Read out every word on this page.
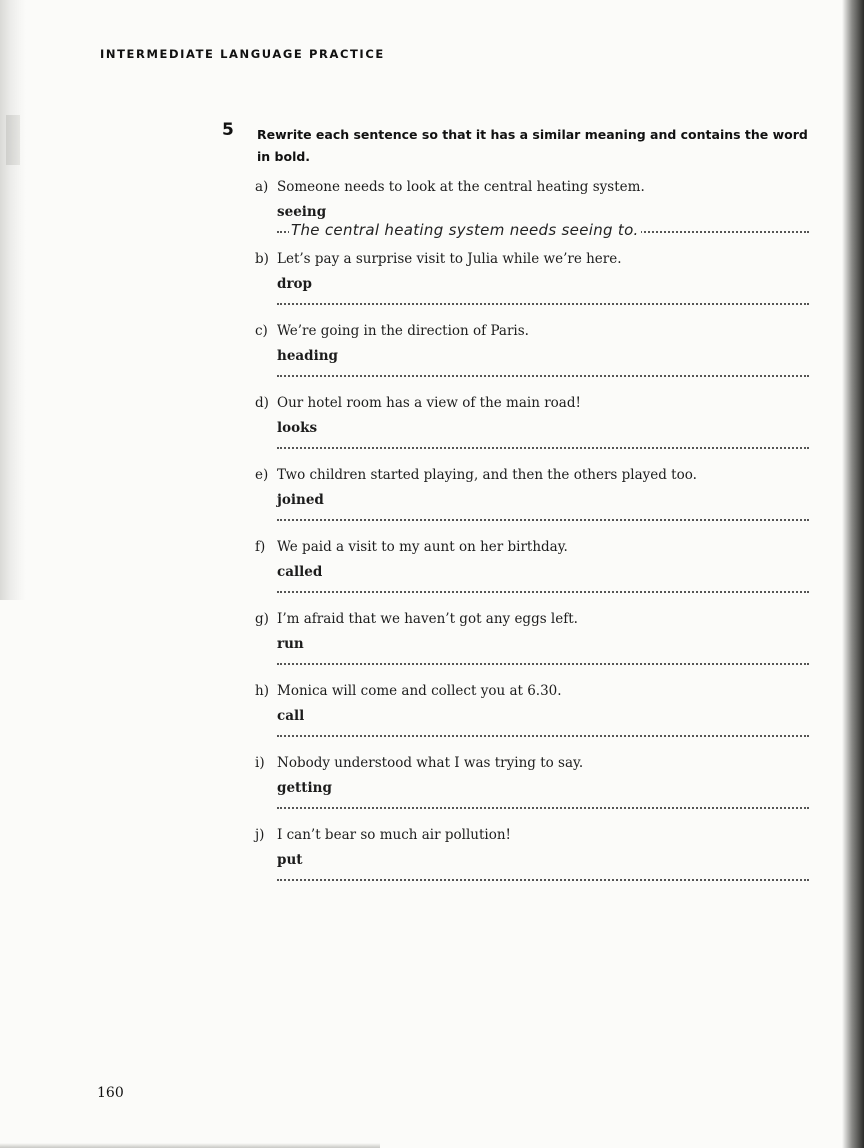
INTERMEDIATE LANGUAGE PRACTICE
5 Rewrite each sentence so that it has a similar meaning and contains the word in bold.
a) Someone needs to look at the central heating system.
seeing
The central heating system needs seeing to.
b) Let’s pay a surprise visit to Julia while we’re here.
drop
c) We’re going in the direction of Paris.
heading
d) Our hotel room has a view of the main road!
looks
e) Two children started playing, and then the others played too.
joined
f) We paid a visit to my aunt on her birthday.
called
g) I’m afraid that we haven’t got any eggs left.
run
h) Monica will come and collect you at 6.30.
call
i) Nobody understood what I was trying to say.
getting
j) I can’t bear so much air pollution!
put
160
